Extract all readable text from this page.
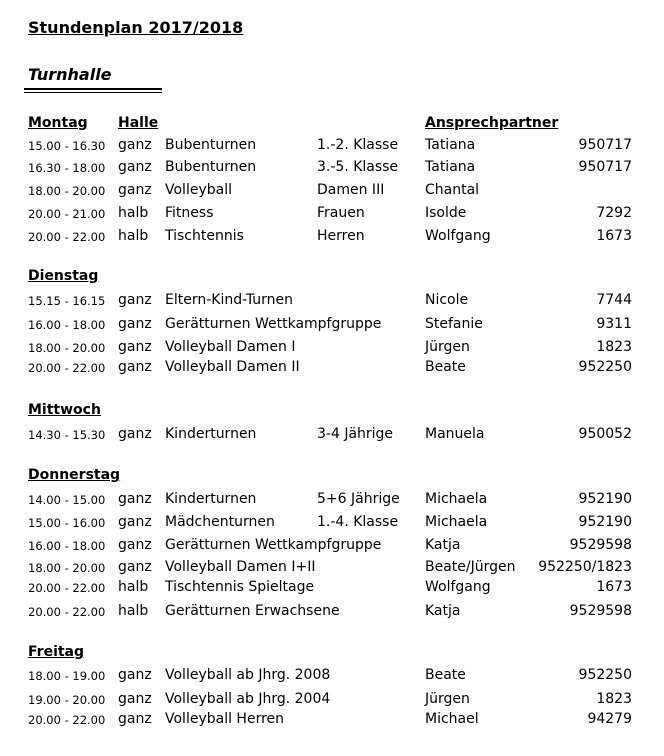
Stundenplan 2017/2018
Turnhalle
Montag Halle	Ansprechpartner
15.00 - 16.30 ganz Bubenturnen	1.-2. Klasse Tatiana	950717
16.30 - 18.00 ganz Bubenturnen	3.-5. Klasse Tatiana	950717
18.00 - 20.00 ganz Volleyball	Damen III	Chantal
20.00 - 21.00 halb Fitness	Frauen	Isolde	7292
20.00 - 22.00 halb Tischtennis	Herren	Wolfgang	1673
Dienstag
15.15 - 16.15 ganz Eltern-Kind-Turnen	Nicole	7744
16.00 - 18.00 ganz Gerätturnen Wettkampfgruppe	Stefanie	9311
18.00 - 20.00 ganz Volleyball Damen I	Jürgen	1823
20.00 - 22.00 ganz Volleyball Damen II	Beate	952250
Mittwoch
14.30 - 15.30 ganz Kinderturnen	3-4 Jährige Manuela	950052
Donnerstag
14.00 - 15.00 ganz Kinderturnen	5+6 Jährige Michaela	952190
15.00 - 16.00 ganz Mädchenturnen	1.-4. Klasse Michaela	952190
16.00 - 18.00 ganz Gerätturnen Wettkampfgruppe	Katja	9529598
18.00 - 20.00 ganz Volleyball Damen I+II	Beate/Jürgen 952250/1823
20.00 - 22.00 halb Tischtennis Spieltage	Wolfgang	1673
20.00 - 22.00 halb Gerätturnen Erwachsene	Katja	9529598
Freitag
18.00 - 19.00 ganz Volleyball ab Jhrg. 2008	Beate	952250
19.00 - 20.00 ganz Volleyball ab Jhrg. 2004	Jürgen	1823
20.00 - 22.00 ganz Volleyball Herren	Michael	94279
